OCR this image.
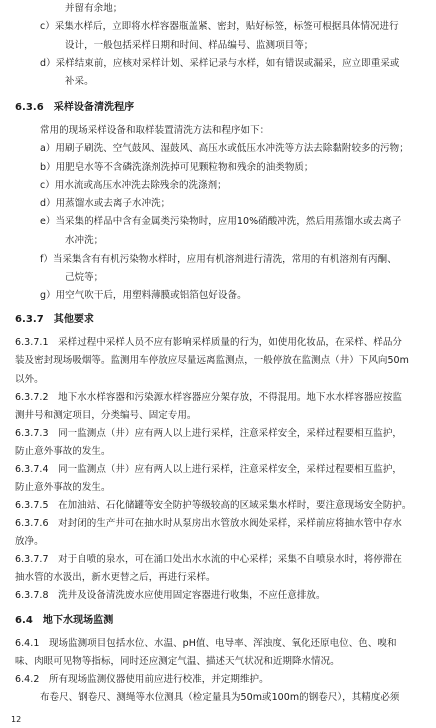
并留有余地；
c）采集水样后，立即将水样容器瓶盖紧、密封，贴好标签，标签可根据具体情况进行
设计，一般包括采样日期和时间、样品编号、监测项目等；
d）采样结束前，应核对采样计划、采样记录与水样，如有错误或漏采，应立即重采或
补采。
6.3.6　采样设备清洗程序
常用的现场采样设备和取样装置清洗方法和程序如下：
a）用刷子刷洗、空气鼓风、湿鼓风、高压水或低压水冲洗等方法去除黏附较多的污物；
b）用肥皂水等不含磷洗涤剂洗掉可见颗粒物和残余的油类物质；
c）用水流或高压水冲洗去除残余的洗涤剂；
d）用蒸馏水或去离子水冲洗；
e）当采集的样品中含有金属类污染物时，应用10%硝酸冲洗，然后用蒸馏水或去离子
水冲洗；
f）当采集含有有机污染物水样时，应用有机溶剂进行清洗，常用的有机溶剂有丙酮、
己烷等；
g）用空气吹干后，用塑料薄膜或铝箔包好设备。
6.3.7　其他要求
6.3.7.1　采样过程中采样人员不应有影响采样质量的行为，如使用化妆品，在采样、样品分
装及密封现场吸烟等。监测用车停放应尽量远离监测点，一般停放在监测点（井）下风向50m
以外。
6.3.7.2　地下水水样容器和污染源水样容器应分架存放，不得混用。地下水水样容器应按监
测井号和测定项目，分类编号、固定专用。
6.3.7.3　同一监测点（井）应有两人以上进行采样，注意采样安全，采样过程要相互监护，
防止意外事故的发生。
6.3.7.4　同一监测点（井）应有两人以上进行采样，注意采样安全，采样过程要相互监护，
防止意外事故的发生。
6.3.7.5　在加油站、石化储罐等安全防护等级较高的区域采集水样时，要注意现场安全防护。
6.3.7.6　对封闭的生产井可在抽水时从泵房出水管放水阀处采样，采样前应将抽水管中存水
放净。
6.3.7.7　对于自喷的泉水，可在涌口处出水水流的中心采样；采集不自喷泉水时，将停滞在
抽水管的水汲出，新水更替之后，再进行采样。
6.3.7.8　洗井及设备清洗废水应使用固定容器进行收集，不应任意排放。
6.4　地下水现场监测
6.4.1　现场监测项目包括水位、水温、pH值、电导率、浑浊度、氧化还原电位、色、嗅和
味、肉眼可见物等指标，同时还应测定气温、描述天气状况和近期降水情况。
6.4.2　所有现场监测仪器使用前应进行校准，并定期维护。
布卷尺、钢卷尺、测绳等水位测具（检定量具为50m或100m的钢卷尺），其精度必须
12
